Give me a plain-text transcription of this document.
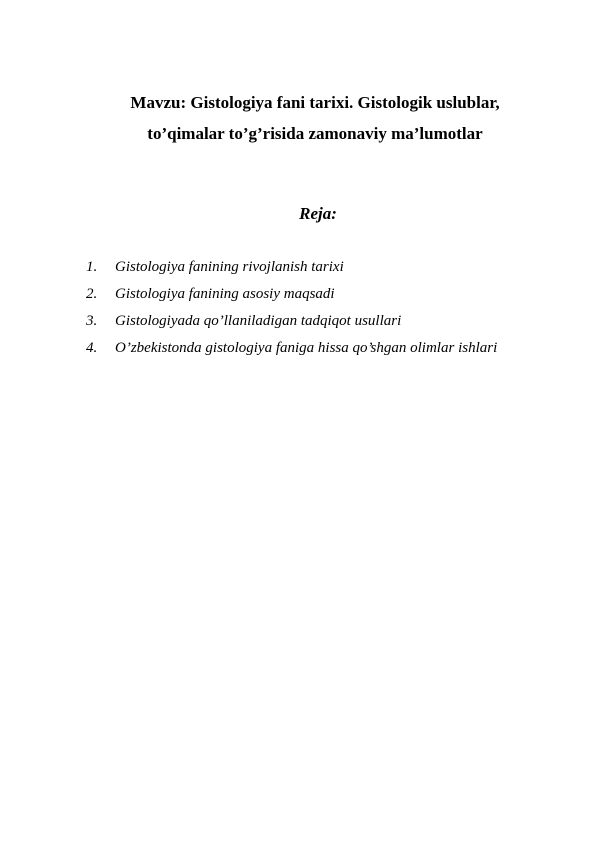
Mavzu: Gistologiya fani tarixi. Gistologik uslublar,
to’qimalar to’g’risida zamonaviy ma’lumotlar
Reja:
1. Gistologiya fanining rivojlanish tarixi
2. Gistologiya fanining asosiy maqsadi
3. Gistologiyada qo’llaniladigan tadqiqot usullari
4. O’zbekistonda gistologiya faniga hissa qo’shgan olimlar ishlari
